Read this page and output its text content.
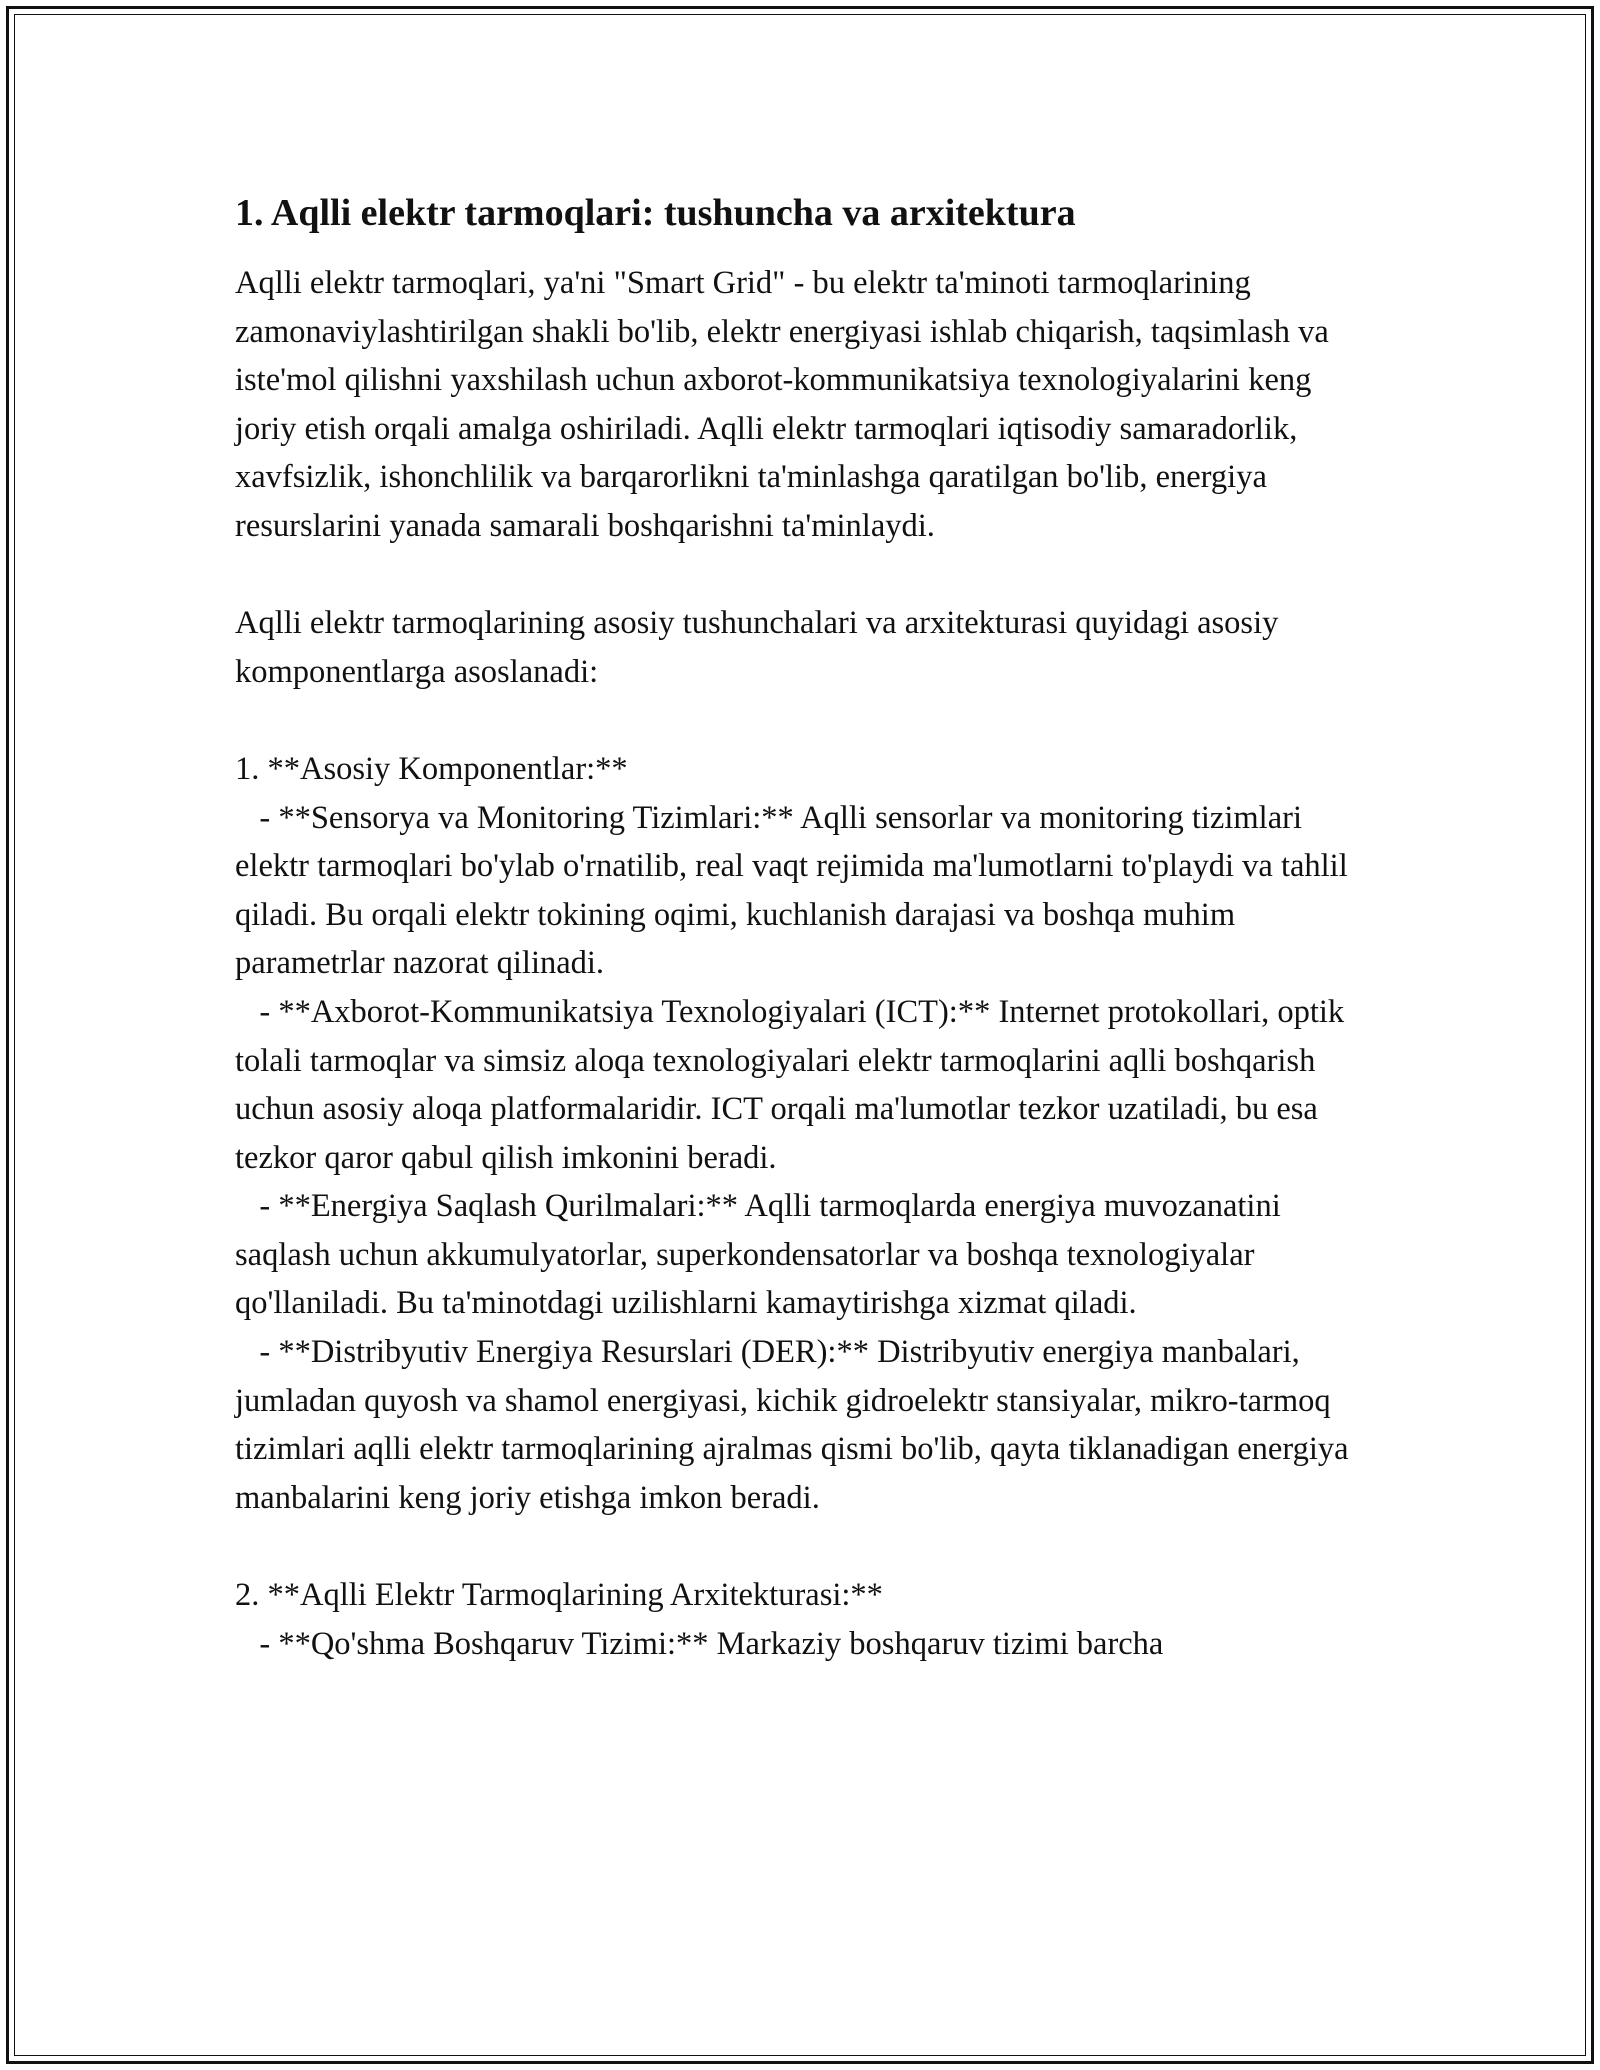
1. Aqlli elektr tarmoqlari: tushuncha va arxitektura

Aqlli elektr tarmoqlari, ya'ni "Smart Grid" - bu elektr ta'minoti tarmoqlarining zamonaviylashtirilgan shakli bo'lib, elektr energiyasi ishlab chiqarish, taqsimlash va iste'mol qilishni yaxshilash uchun axborot-kommunikatsiya texnologiyalarini keng joriy etish orqali amalga oshiriladi. Aqlli elektr tarmoqlari iqtisodiy samaradorlik, xavfsizlik, ishonchlilik va barqarorlikni ta'minlashga qaratilgan bo'lib, energiya resurslarini yanada samarali boshqarishni ta'minlaydi.

Aqlli elektr tarmoqlarining asosiy tushunchalari va arxitekturasi quyidagi asosiy komponentlarga asoslanadi:

1. **Asosiy Komponentlar:**

- **Sensorya va Monitoring Tizimlari:** Aqlli sensorlar va monitoring tizimlari elektr tarmoqlari bo'ylab o'rnatilib, real vaqt rejimida ma'lumotlarni to'playdi va tahlil qiladi. Bu orqali elektr tokining oqimi, kuchlanish darajasi va boshqa muhim parametrlar nazorat qilinadi.

- **Axborot-Kommunikatsiya Texnologiyalari (ICT):** Internet protokollari, optik tolali tarmoqlar va simsiz aloqa texnologiyalari elektr tarmoqlarini aqlli boshqarish uchun asosiy aloqa platformalaridir. ICT orqali ma'lumotlar tezkor uzatiladi, bu esa tezkor qaror qabul qilish imkonini beradi.

- **Energiya Saqlash Qurilmalari:** Aqlli tarmoqlarda energiya muvozanatini saqlash uchun akkumulyatorlar, superkondensatorlar va boshqa texnologiyalar qo'llaniladi. Bu ta'minotdagi uzilishlarni kamaytirishga xizmat qiladi.

- **Distribyutiv Energiya Resurslari (DER):** Distribyutiv energiya manbalari, jumladan quyosh va shamol energiyasi, kichik gidroelektr stansiyalar, mikro-tarmoq tizimlari aqlli elektr tarmoqlarining ajralmas qismi bo'lib, qayta tiklanadigan energiya manbalarini keng joriy etishga imkon beradi.

2. **Aqlli Elektr Tarmoqlarining Arxitekturasi:**

- **Qo'shma Boshqaruv Tizimi:** Markaziy boshqaruv tizimi barcha
